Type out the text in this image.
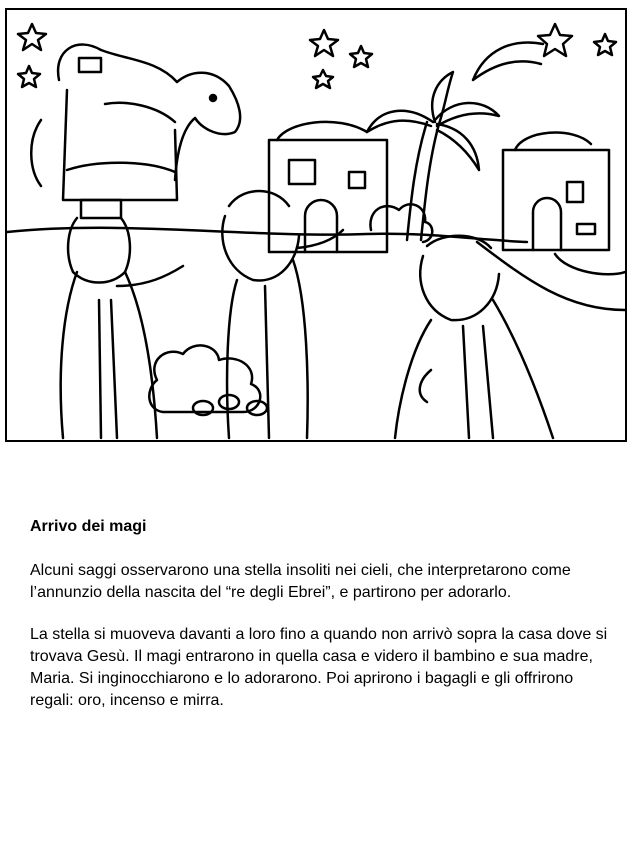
Arrivo dei magi

Alcuni saggi osservarono una stella insoliti nei cieli, che interpretarono come l’annunzio della nascita del “re degli Ebrei”, e partirono per adorarlo.

La stella si muoveva davanti a loro fino a quando non arrivò sopra la casa dove si trovava Gesù. Il magi entrarono in quella casa e videro il bambino e sua madre, Maria. Si inginocchiarono e lo adorarono. Poi aprirono i bagagli e gli offrirono regali: oro, incenso e mirra.
